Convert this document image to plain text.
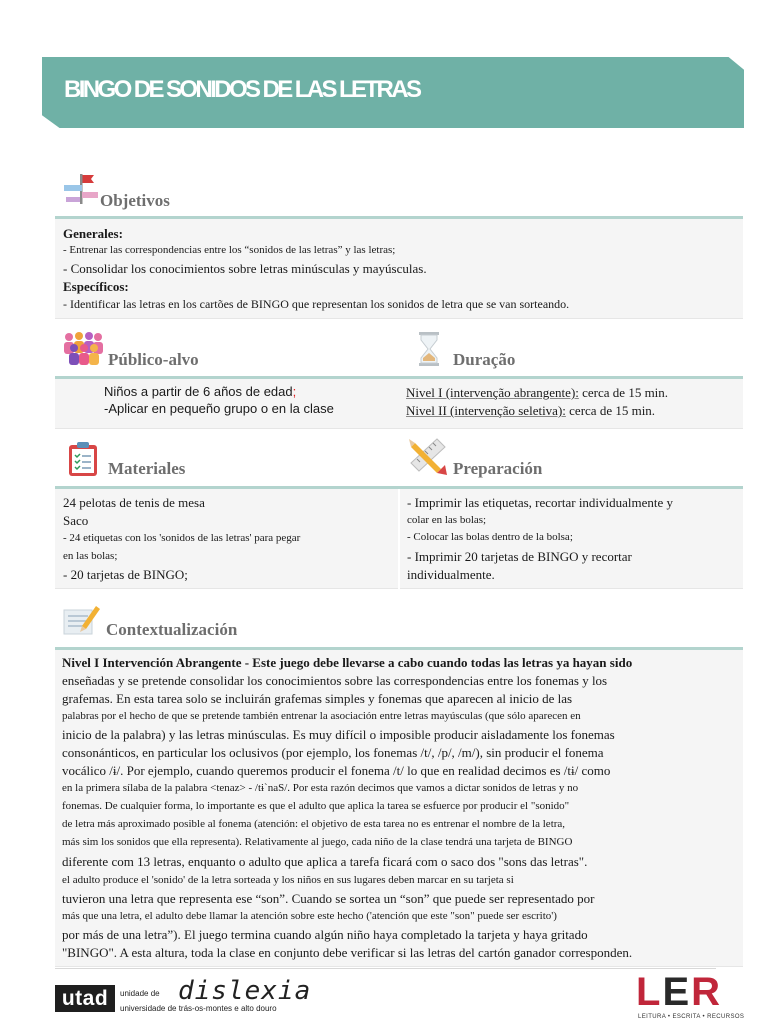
BINGO DE SONIDOS DE LAS LETRAS
Objetivos
Generales:
- Entrenar las correspondencias entre los “sonidos de las letras” y las letras;
- Consolidar los conocimientos sobre letras minúsculas y mayúsculas.
Específicos:
- Identificar las letras en los cartões de BINGO que representan los sonidos de letra que se van sorteando.
Público-alvo	Duração
Niños a partir de 6 años de edad;
-Aplicar en pequeño grupo o en la clase
Nivel I (intervenção abrangente): cerca de 15 min.
Nivel II (intervenção seletiva): cerca de 15 min.
Materiales	Preparación
24 pelotas de tenis de mesa
Saco
- 24 etiquetas con los 'sonidos de las letras' para pegar
en las bolas;
- 20 tarjetas de BINGO;
- Imprimir las etiquetas, recortar individualmente y
colar en las bolas;
- Colocar las bolas dentro de la bolsa;
- Imprimir 20 tarjetas de BINGO y recortar
individualmente.
Contextualización
Nivel I Intervención Abrangente - Este juego debe llevarse a cabo cuando todas las letras ya hayan sido
enseñadas y se pretende consolidar los conocimientos sobre las correspondencias entre los fonemas y los
grafemas. En esta tarea solo se incluirán grafemas simples y fonemas que aparecen al inicio de las
palabras por el hecho de que se pretende también entrenar la asociación entre letras mayúsculas (que sólo aparecen en
inicio de la palabra) y las letras minúsculas. Es muy difícil o imposible producir aisladamente los fonemas
consonánticos, en particular los oclusivos (por ejemplo, los fonemas /t/, /p/, /m/), sin producir el fonema
vocálico /ɨ/. Por ejemplo, cuando queremos producir el fonema /t/ lo que en realidad decimos es /tɨ/ como
en la primera sílaba de la palabra <tenaz> - /tɨ`naS/. Por esta razón decimos que vamos a dictar sonidos de letras y no
fonemas. De cualquier forma, lo importante es que el adulto que aplica la tarea se esfuerce por producir el "sonido"
de letra más aproximado posible al fonema (atención: el objetivo de esta tarea no es entrenar el nombre de la letra,
más sim los sonidos que ella representa). Relativamente al juego, cada niño de la clase tendrá una tarjeta de BINGO
diferente com 13 letras, enquanto o adulto que aplica a tarefa ficará com o saco dos "sons das letras".
el adulto produce el 'sonido' de la letra sorteada y los niños en sus lugares deben marcar en su tarjeta si
tuvieron una letra que representa ese “son”. Cuando se sortea un “son” que puede ser representado por
más que una letra, el adulto debe llamar la atención sobre este hecho ('atención que este "son" puede ser escrito')
por más de una letra”). El juego termina cuando algún niño haya completado la tarjeta y haya gritado
"BINGO". A esta altura, toda la clase en conjunto debe verificar si las letras del cartón ganador corresponden.
utad	unidade de dislexia
universidade de trás-os-montes e alto douro	LER
LEITURA • ESCRITA • RECURSOS
